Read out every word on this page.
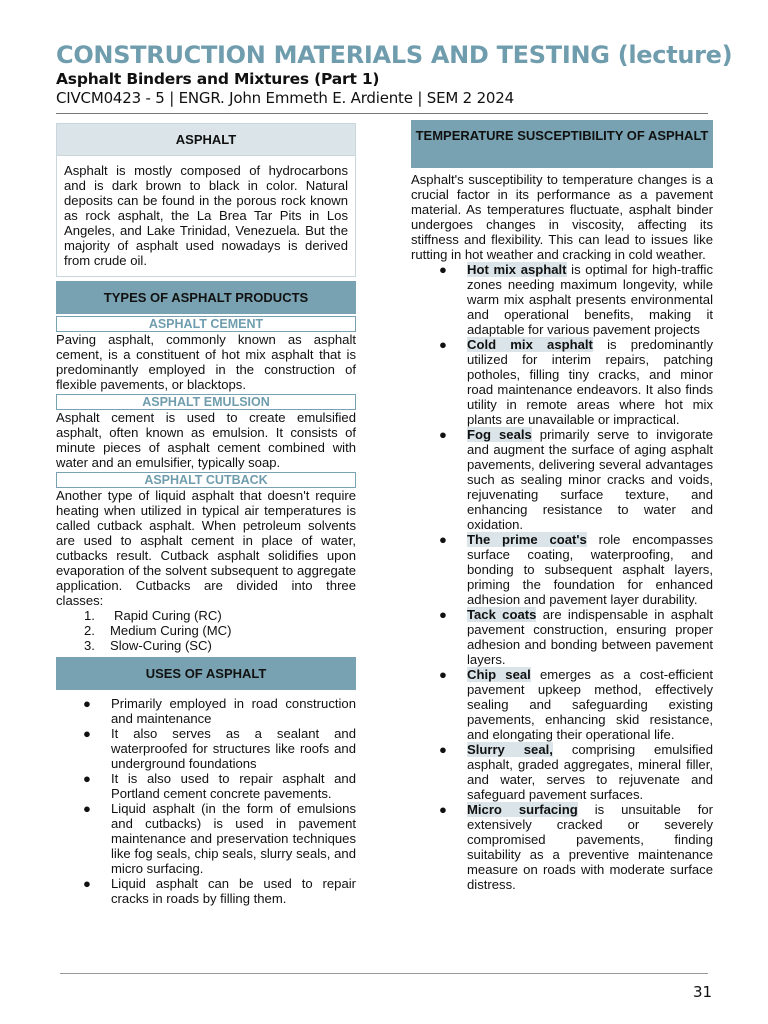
CONSTRUCTION MATERIALS AND TESTING (lecture)
Asphalt Binders and Mixtures (Part 1)
CIVCM0423 - 5 | ENGR. John Emmeth E. Ardiente | SEM 2 2024
ASPHALT
Asphalt is mostly composed of hydrocarbons and is dark brown to black in color. Natural deposits can be found in the porous rock known as rock asphalt, the La Brea Tar Pits in Los Angeles, and Lake Trinidad, Venezuela. But the majority of asphalt used nowadays is derived from crude oil.
TYPES OF ASPHALT PRODUCTS
ASPHALT CEMENT
Paving asphalt, commonly known as asphalt cement, is a constituent of hot mix asphalt that is predominantly employed in the construction of flexible pavements, or blacktops.
ASPHALT EMULSION
Asphalt cement is used to create emulsified asphalt, often known as emulsion. It consists of minute pieces of asphalt cement combined with water and an emulsifier, typically soap.
ASPHALT CUTBACK
Another type of liquid asphalt that doesn't require heating when utilized in typical air temperatures is called cutback asphalt. When petroleum solvents are used to asphalt cement in place of water, cutbacks result. Cutback asphalt solidifies upon evaporation of the solvent subsequent to aggregate application. Cutbacks are divided into three classes:
1. Rapid Curing (RC)
2. Medium Curing (MC)
3. Slow-Curing (SC)
USES OF ASPHALT
● Primarily employed in road construction and maintenance
● It also serves as a sealant and waterproofed for structures like roofs and underground foundations
● It is also used to repair asphalt and Portland cement concrete pavements.
● Liquid asphalt (in the form of emulsions and cutbacks) is used in pavement maintenance and preservation techniques like fog seals, chip seals, slurry seals, and micro surfacing.
● Liquid asphalt can be used to repair cracks in roads by filling them.
TEMPERATURE SUSCEPTIBILITY OF ASPHALT
Asphalt's susceptibility to temperature changes is a crucial factor in its performance as a pavement material. As temperatures fluctuate, asphalt binder undergoes changes in viscosity, affecting its stiffness and flexibility. This can lead to issues like rutting in hot weather and cracking in cold weather.
● Hot mix asphalt is optimal for high-traffic zones needing maximum longevity, while warm mix asphalt presents environmental and operational benefits, making it adaptable for various pavement projects
● Cold mix asphalt is predominantly utilized for interim repairs, patching potholes, filling tiny cracks, and minor road maintenance endeavors. It also finds utility in remote areas where hot mix plants are unavailable or impractical.
● Fog seals primarily serve to invigorate and augment the surface of aging asphalt pavements, delivering several advantages such as sealing minor cracks and voids, rejuvenating surface texture, and enhancing resistance to water and oxidation.
● The prime coat's role encompasses surface coating, waterproofing, and bonding to subsequent asphalt layers, priming the foundation for enhanced adhesion and pavement layer durability.
● Tack coats are indispensable in asphalt pavement construction, ensuring proper adhesion and bonding between pavement layers.
● Chip seal emerges as a cost-efficient pavement upkeep method, effectively sealing and safeguarding existing pavements, enhancing skid resistance, and elongating their operational life.
● Slurry seal, comprising emulsified asphalt, graded aggregates, mineral filler, and water, serves to rejuvenate and safeguard pavement surfaces.
● Micro surfacing is unsuitable for extensively cracked or severely compromised pavements, finding suitability as a preventive maintenance measure on roads with moderate surface distress.
31
